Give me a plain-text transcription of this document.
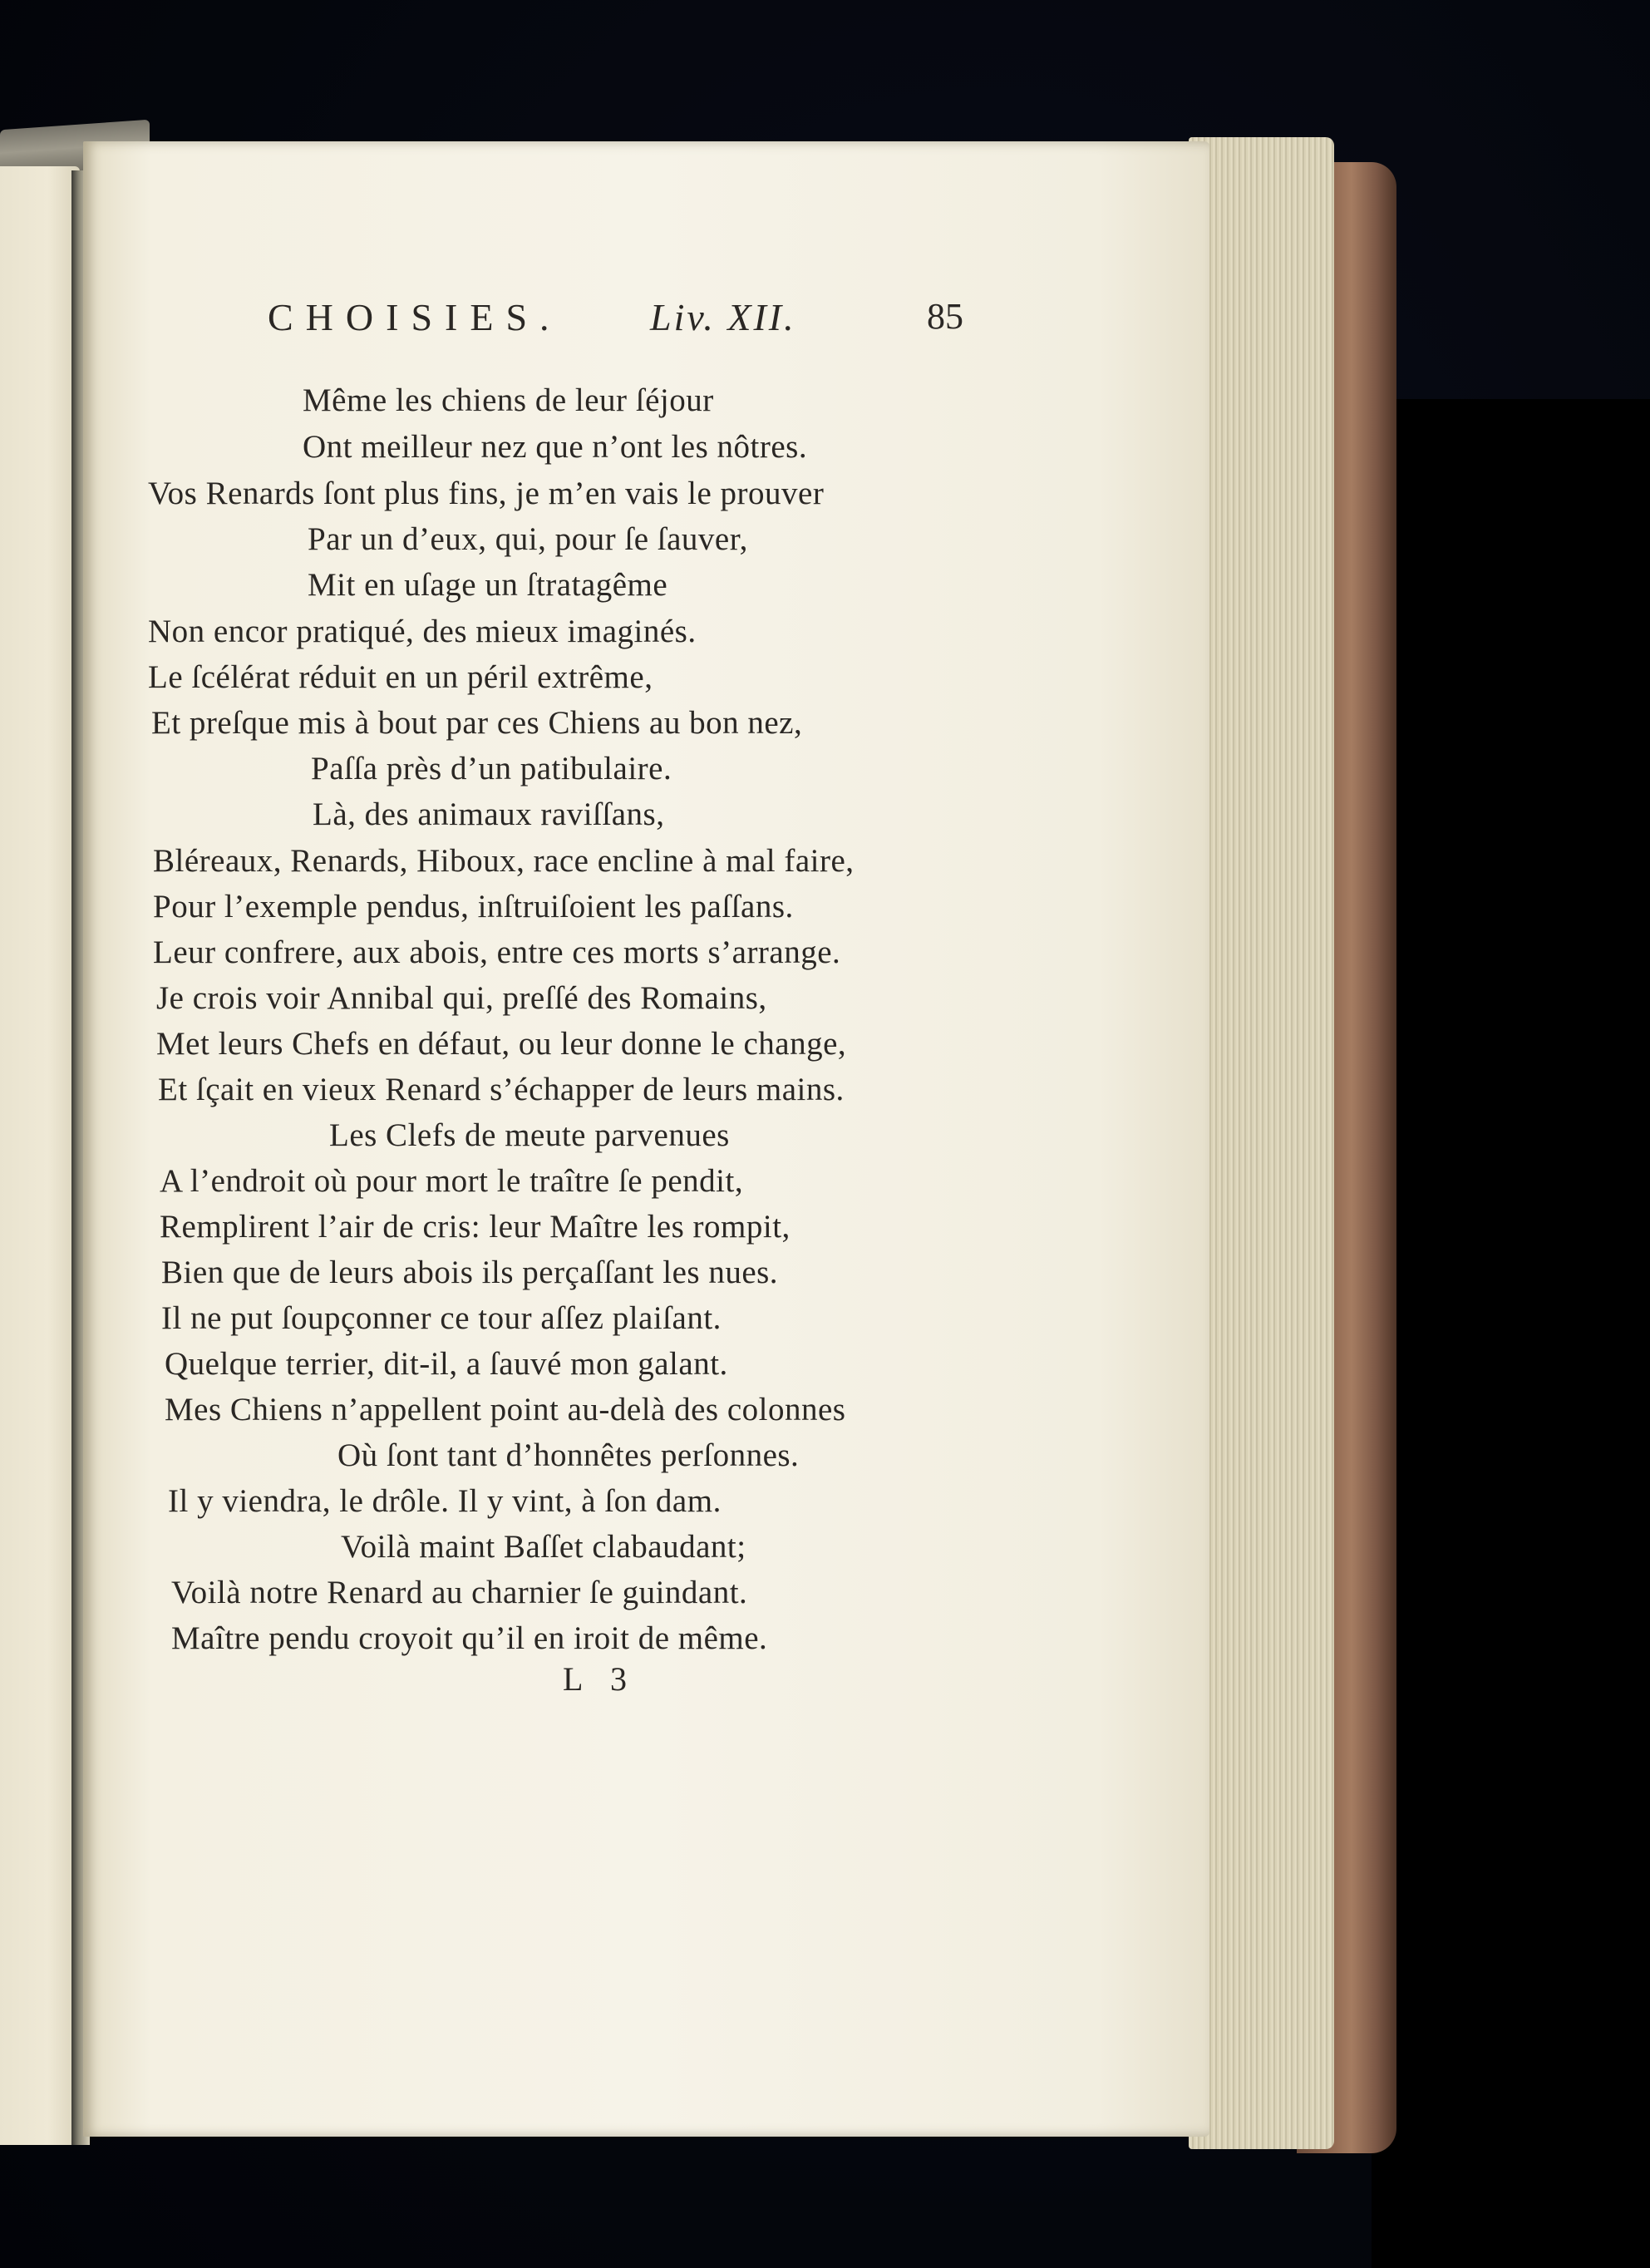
CHOISIES. Liv. XII.	85
Même les chiens de leur ſéjour
Ont meilleur nez que n’ont les nôtres.
Vos Renards ſont plus fins, je m’en vais le prouver
Par un d’eux, qui, pour ſe ſauver,
Mit en uſage un ſtratagême
Non encor pratiqué, des mieux imaginés.
Le ſcélérat réduit en un péril extrême,
Et preſque mis à bout par ces Chiens au bon nez,
Paſſa près d’un patibulaire.
Là, des animaux raviſſans,
Bléreaux, Renards, Hiboux, race encline à mal faire,
Pour l’exemple pendus, inſtruiſoient les paſſans.
Leur confrere, aux abois, entre ces morts s’arrange.
Je crois voir Annibal qui, preſſé des Romains,
Met leurs Chefs en défaut, ou leur donne le change,
Et ſçait en vieux Renard s’échapper de leurs mains.
Les Clefs de meute parvenues
A l’endroit où pour mort le traître ſe pendit,
Remplirent l’air de cris: leur Maître les rompit,
Bien que de leurs abois ils perçaſſant les nues.
Il ne put ſoupçonner ce tour aſſez plaiſant.
Quelque terrier, dit-il, a ſauvé mon galant.
Mes Chiens n’appellent point au-delà des colonnes
Où ſont tant d’honnêtes perſonnes.
Il y viendra, le drôle. Il y vint, à ſon dam.
Voilà maint Baſſet clabaudant;
Voilà notre Renard au charnier ſe guindant.
Maître pendu croyoit qu’il en iroit de même.
L 3
